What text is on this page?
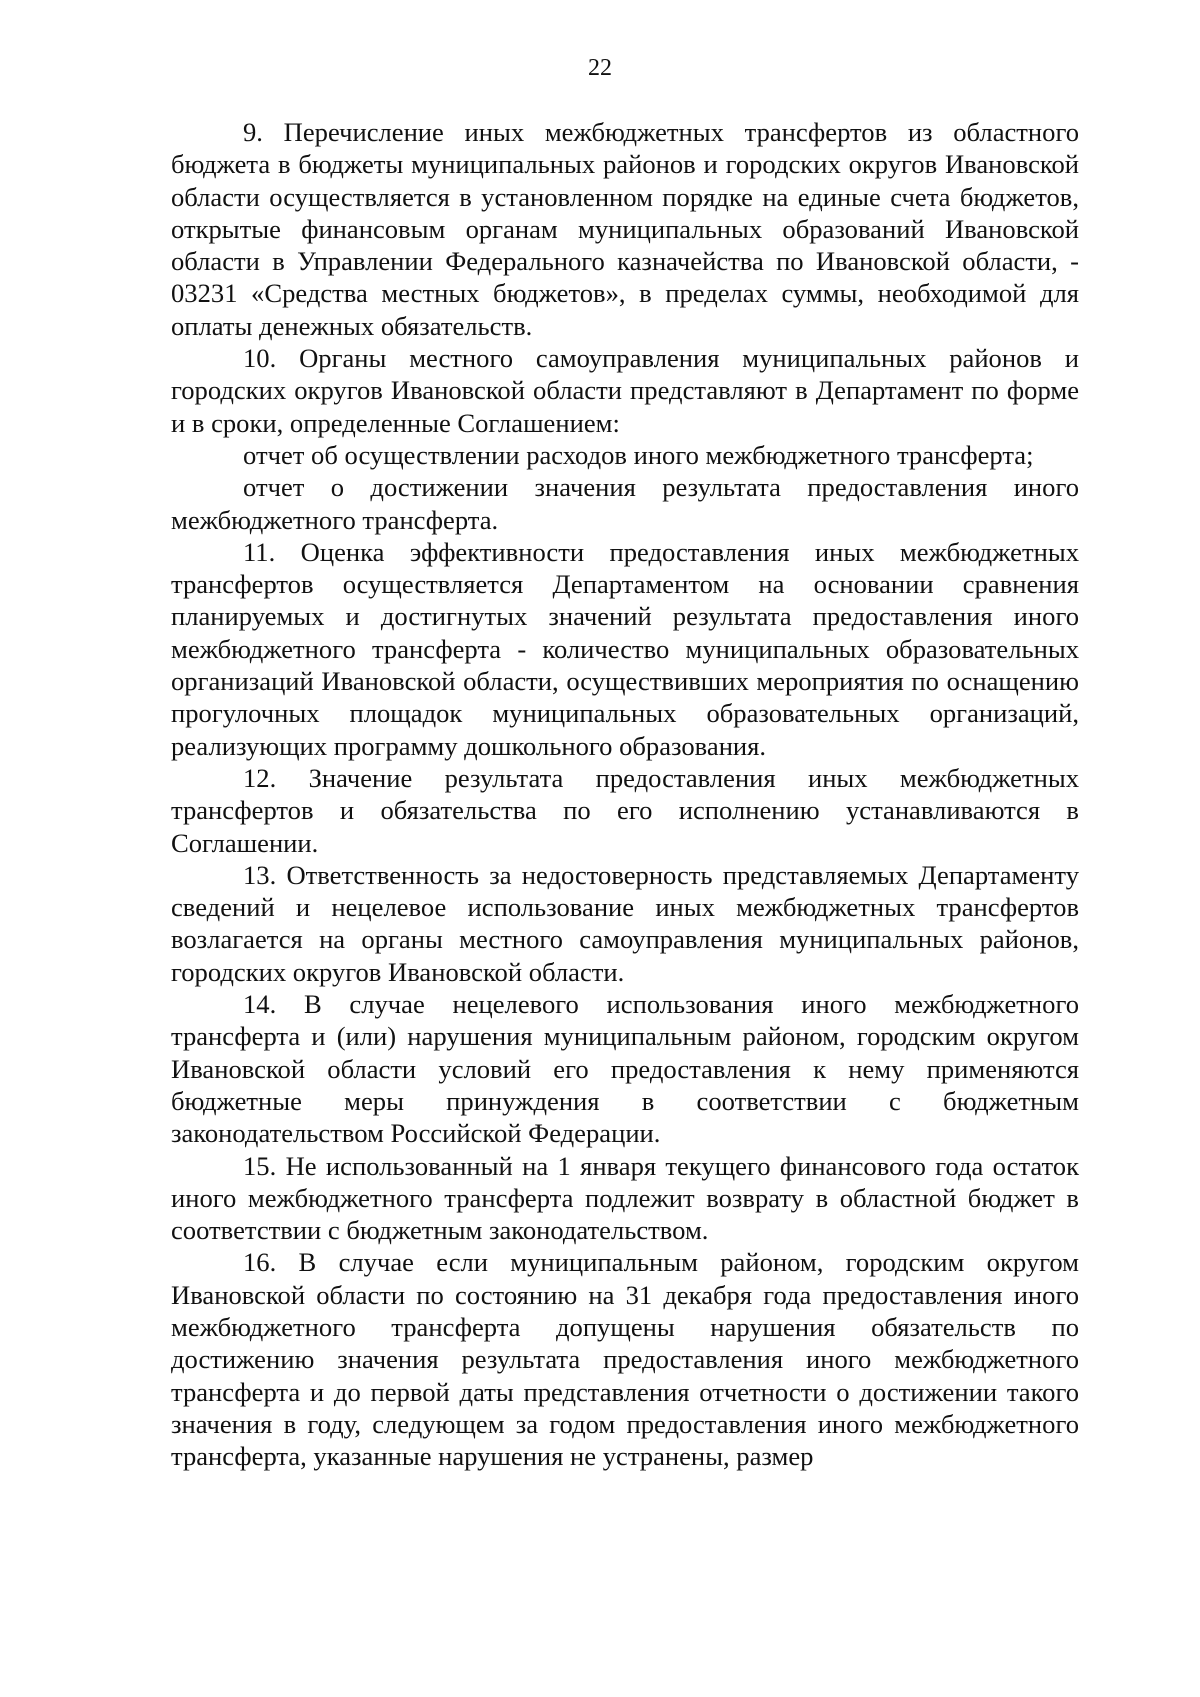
22

9. Перечисление иных межбюджетных трансфертов из областного бюджета в бюджеты муниципальных районов и городских округов Ивановской области осуществляется в установленном порядке на единые счета бюджетов, открытые финансовым органам муниципальных образований Ивановской области в Управлении Федерального казначейства по Ивановской области, - 03231 «Средства местных бюджетов», в пределах суммы, необходимой для оплаты денежных обязательств.

10. Органы местного самоуправления муниципальных районов и городских округов Ивановской области представляют в Департамент по форме и в сроки, определенные Соглашением:

отчет об осуществлении расходов иного межбюджетного трансферта;

отчет о достижении значения результата предоставления иного межбюджетного трансферта.

11. Оценка эффективности предоставления иных межбюджетных трансфертов осуществляется Департаментом на основании сравнения планируемых и достигнутых значений результата предоставления иного межбюджетного трансферта - количество муниципальных образовательных организаций Ивановской области, осуществивших мероприятия по оснащению прогулочных площадок муниципальных образовательных организаций, реализующих программу дошкольного образования.

12. Значение результата предоставления иных межбюджетных трансфертов и обязательства по его исполнению устанавливаются в Соглашении.

13. Ответственность за недостоверность представляемых Департаменту сведений и нецелевое использование иных межбюджетных трансфертов возлагается на органы местного самоуправления муниципальных районов, городских округов Ивановской области.

14. В случае нецелевого использования иного межбюджетного трансферта и (или) нарушения муниципальным районом, городским округом Ивановской области условий его предоставления к нему применяются бюджетные меры принуждения в соответствии с бюджетным законодательством Российской Федерации.

15. Не использованный на 1 января текущего финансового года остаток иного межбюджетного трансферта подлежит возврату в областной бюджет в соответствии с бюджетным законодательством.

16. В случае если муниципальным районом, городским округом Ивановской области по состоянию на 31 декабря года предоставления иного межбюджетного трансферта допущены нарушения обязательств по достижению значения результата предоставления иного межбюджетного трансферта и до первой даты представления отчетности о достижении такого значения в году, следующем за годом предоставления иного межбюджетного трансферта, указанные нарушения не устранены, размер
